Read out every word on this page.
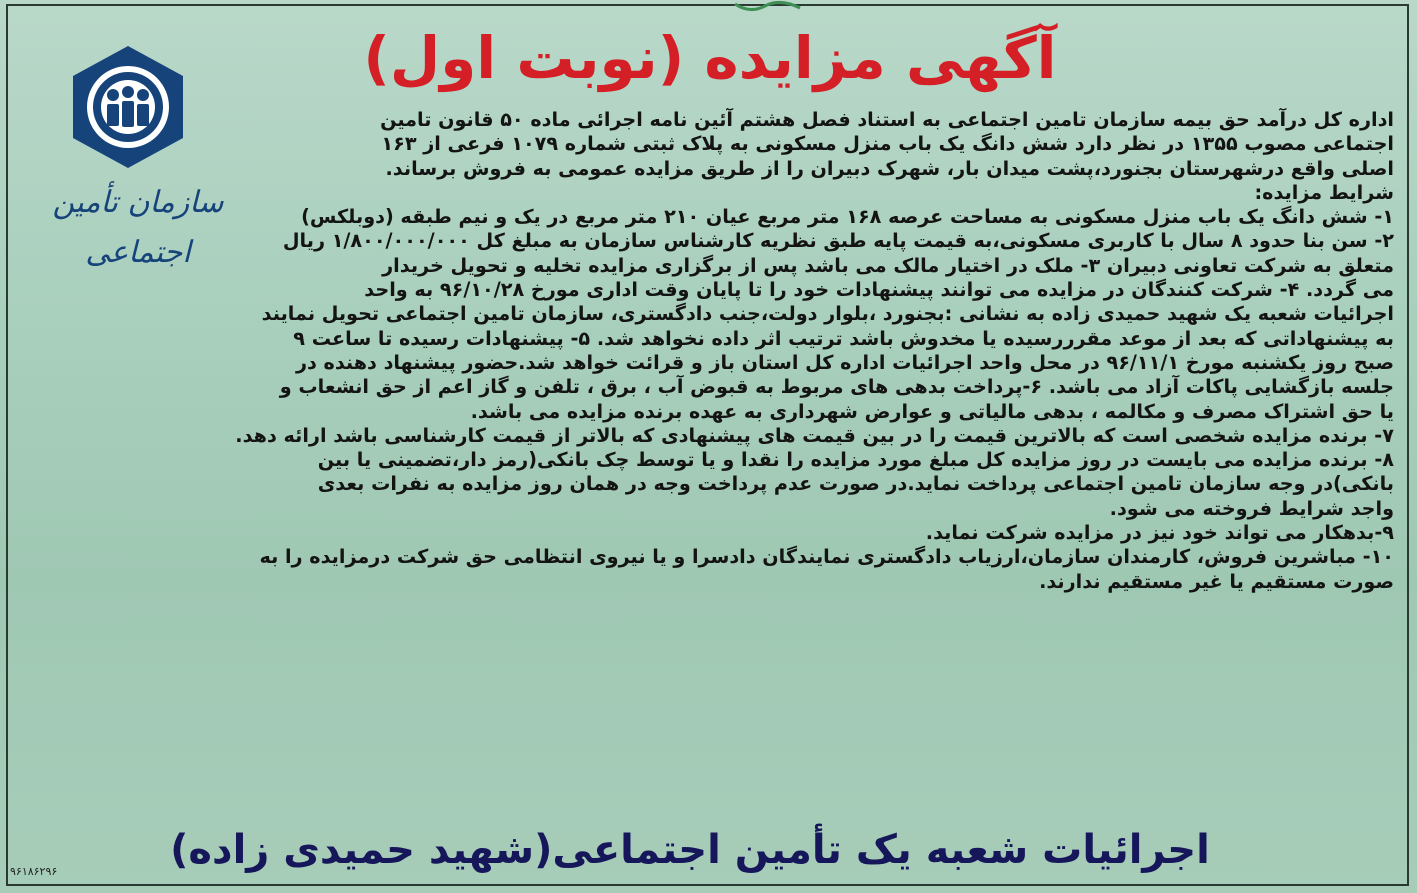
آگهی مزایده (نوبت اول)
سازمان تأمین اجتماعی
اداره کل درآمد حق بیمه سازمان تامین اجتماعی به استناد فصل هشتم آئین نامه اجرائی ماده ۵۰ قانون تامین
اجتماعی مصوب ۱۳۵۵ در نظر دارد شش دانگ یک باب منزل مسکونی به پلاک ثبتی شماره ۱۰۷۹ فرعی از ۱۶۳
اصلی واقع درشهرستان بجنورد،پشت میدان بار، شهرک دبیران را از طریق مزایده عمومی به فروش برساند.
شرایط مزایده:
۱- شش دانگ یک باب منزل مسکونی به مساحت عرصه ۱۶۸ متر مربع عیان ۲۱۰ متر مربع در یک و نیم طبقه (دوبلکس)
۲- سن بنا حدود ۸ سال با کاربری مسکونی،به قیمت پایه طبق نظریه کارشناس سازمان به مبلغ کل ۱/۸۰۰/۰۰۰/۰۰۰ ریال
متعلق به شرکت تعاونی دبیران ۳- ملک در اختیار مالک می باشد پس از برگزاری مزایده تخلیه و تحویل خریدار
می گردد. ۴- شرکت کنندگان در مزایده می توانند پیشنهادات خود را تا پایان وقت اداری مورخ ۹۶/۱۰/۲۸ به واحد
اجرائیات شعبه یک شهید حمیدی زاده به نشانی :بجنورد ،بلوار دولت،جنب دادگستری، سازمان تامین اجتماعی تحویل نمایند
به پیشنهاداتی که بعد از موعد مقرررسیده یا مخدوش باشد ترتیب اثر داده نخواهد شد. ۵- پیشنهادات رسیده تا ساعت ۹
صبح روز یکشنبه مورخ ۹۶/۱۱/۱ در محل واحد اجرائیات اداره کل استان باز و قرائت خواهد شد.حضور پیشنهاد دهنده در
جلسه بازگشایی پاکات آزاد می باشد. ۶-پرداخت بدهی های مربوط به قبوض آب ، برق ، تلفن و گاز اعم از حق انشعاب و
یا حق اشتراک مصرف و مکالمه ، بدهی مالیاتی و عوارض شهرداری به عهده برنده مزایده می باشد.
۷- برنده مزایده شخصی است که بالاترین قیمت را در بین قیمت های پیشنهادی که بالاتر از قیمت کارشناسی باشد ارائه دهد.
۸- برنده مزایده می بایست در روز مزایده کل مبلغ مورد مزایده را نقدا و یا توسط چک بانکی(رمز دار،تضمینی یا بین
بانکی)در وجه سازمان تامین اجتماعی پرداخت نماید.در صورت عدم پرداخت وجه در همان روز مزایده به نفرات بعدی
واجد شرایط فروخته می شود.
۹-بدهکار می تواند خود نیز در مزایده شرکت نماید.
۱۰- مباشرین فروش، کارمندان سازمان،ارزیاب دادگستری نمایندگان دادسرا و یا نیروی انتظامی حق شرکت درمزایده را به
صورت مستقیم یا غیر مستقیم ندارند.
اجرائیات شعبه یک تأمین اجتماعی(شهید حمیدی زاده)
۹۶۱۸۶۲۹۶
